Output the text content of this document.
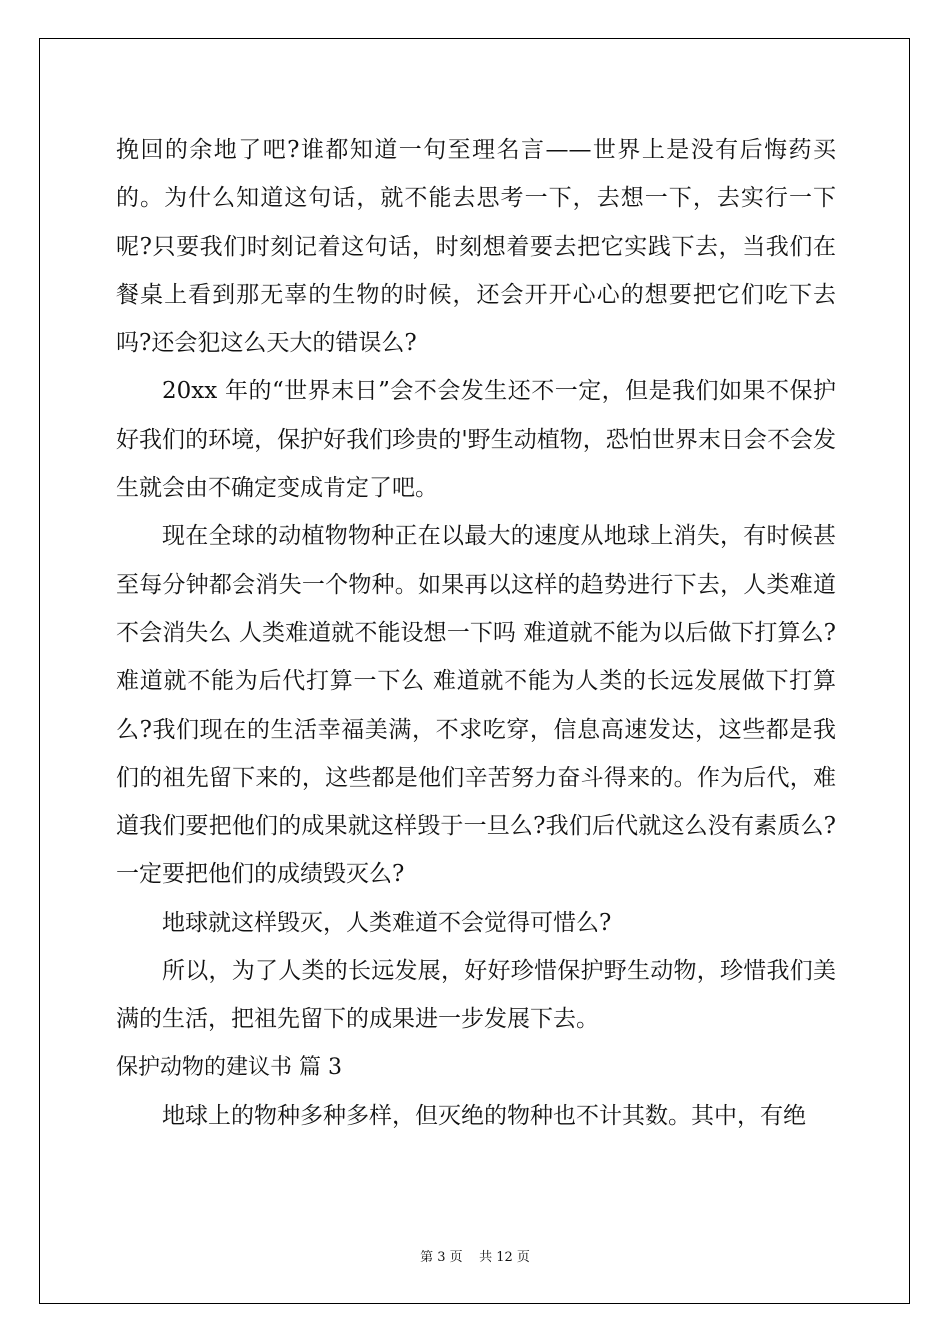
挽回的余地了吧?谁都知道一句至理名言——世界上是没有后悔药买的。为什么知道这句话，就不能去思考一下，去想一下，去实行一下呢?只要我们时刻记着这句话，时刻想着要去把它实践下去，当我们在餐桌上看到那无辜的生物的时候，还会开开心心的想要把它们吃下去吗?还会犯这么天大的错误么?

20xx 年的“世界末日”会不会发生还不一定，但是我们如果不保护好我们的环境，保护好我们珍贵的'野生动植物，恐怕世界末日会不会发生就会由不确定变成肯定了吧。

现在全球的动植物物种正在以最大的速度从地球上消失，有时候甚至每分钟都会消失一个物种。如果再以这样的趋势进行下去，人类难道不会消失么 人类难道就不能设想一下吗 难道就不能为以后做下打算么?难道就不能为后代打算一下么 难道就不能为人类的长远发展做下打算么?我们现在的生活幸福美满，不求吃穿，信息高速发达，这些都是我们的祖先留下来的，这些都是他们辛苦努力奋斗得来的。作为后代，难道我们要把他们的成果就这样毁于一旦么?我们后代就这么没有素质么?一定要把他们的成绩毁灭么?

地球就这样毁灭，人类难道不会觉得可惜么?

所以，为了人类的长远发展，好好珍惜保护野生动物，珍惜我们美满的生活，把祖先留下的成果进一步发展下去。

保护动物的建议书 篇 3

地球上的物种多种多样，但灭绝的物种也不计其数。其中，有绝

第 3 页    共 12 页
